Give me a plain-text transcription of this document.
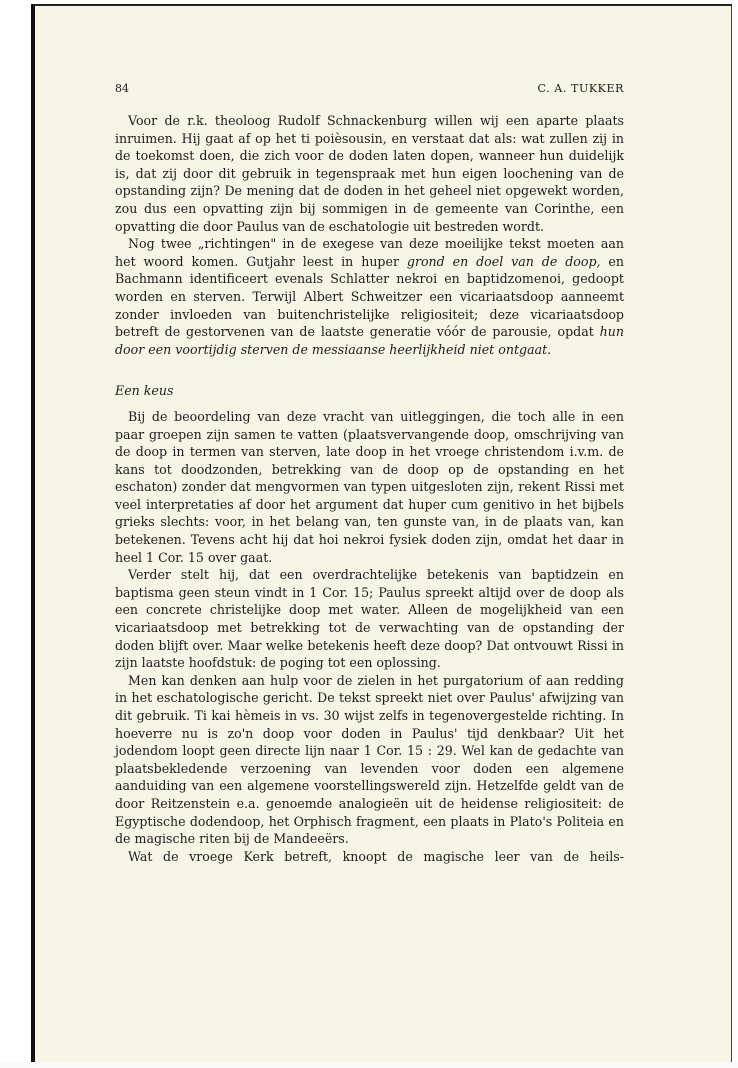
84	C. A. TUKKER

Voor de r.k. theoloog Rudolf Schnackenburg willen wij een aparte plaats inruimen. Hij gaat af op het ti poièsousin, en verstaat dat als: wat zullen zij in de toekomst doen, die zich voor de doden laten dopen, wanneer hun duidelijk is, dat zij door dit gebruik in tegenspraak met hun eigen loochening van de opstanding zijn? De mening dat de doden in het geheel niet opgewekt worden, zou dus een opvatting zijn bij sommigen in de gemeente van Corinthe, een opvatting die door Paulus van de eschatologie uit bestreden wordt.

Nog twee „richtingen" in de exegese van deze moeilijke tekst moeten aan het woord komen. Gutjahr leest in huper grond en doel van de doop, en Bachmann identificeert evenals Schlatter nekroi en baptidzomenoi, gedoopt worden en sterven. Terwijl Albert Schweitzer een vicariaatsdoop aanneemt zonder invloeden van buitenchristelijke religiositeit; deze vicariaatsdoop betreft de gestorvenen van de laatste generatie vóór de parousie, opdat hun door een voortijdig sterven de messiaanse heerlijkheid niet ontgaat.

Een keus

Bij de beoordeling van deze vracht van uitleggingen, die toch alle in een paar groepen zijn samen te vatten (plaatsvervangende doop, omschrijving van de doop in termen van sterven, late doop in het vroege christendom i.v.m. de kans tot doodzonden, betrekking van de doop op de opstanding en het eschaton) zonder dat mengvormen van typen uitgesloten zijn, rekent Rissi met veel interpretaties af door het argument dat huper cum genitivo in het bijbels grieks slechts: voor, in het belang van, ten gunste van, in de plaats van, kan betekenen. Tevens acht hij dat hoi nekroi fysiek doden zijn, omdat het daar in heel 1 Cor. 15 over gaat.

Verder stelt hij, dat een overdrachtelijke betekenis van baptidzein en baptisma geen steun vindt in 1 Cor. 15; Paulus spreekt altijd over de doop als een concrete christelijke doop met water. Alleen de mogelijkheid van een vicariaatsdoop met betrekking tot de verwachting van de opstanding der doden blijft over. Maar welke betekenis heeft deze doop? Dat ontvouwt Rissi in zijn laatste hoofdstuk: de poging tot een oplossing.

Men kan denken aan hulp voor de zielen in het purgatorium of aan redding in het eschatologische gericht. De tekst spreekt niet over Paulus' afwijzing van dit gebruik. Ti kai hèmeis in vs. 30 wijst zelfs in tegenovergestelde richting. In hoeverre nu is zo'n doop voor doden in Paulus' tijd denkbaar? Uit het jodendom loopt geen directe lijn naar 1 Cor. 15 : 29. Wel kan de gedachte van plaatsbekledende verzoening van levenden voor doden een algemene aanduiding van een algemene voorstellingswereld zijn. Hetzelfde geldt van de door Reitzenstein e.a. genoemde analogieën uit de heidense religiositeit: de Egyptische dodendoop, het Orphisch fragment, een plaats in Plato's Politeia en de magische riten bij de Mandeeërs.

Wat de vroege Kerk betreft, knoopt de magische leer van de heils-
